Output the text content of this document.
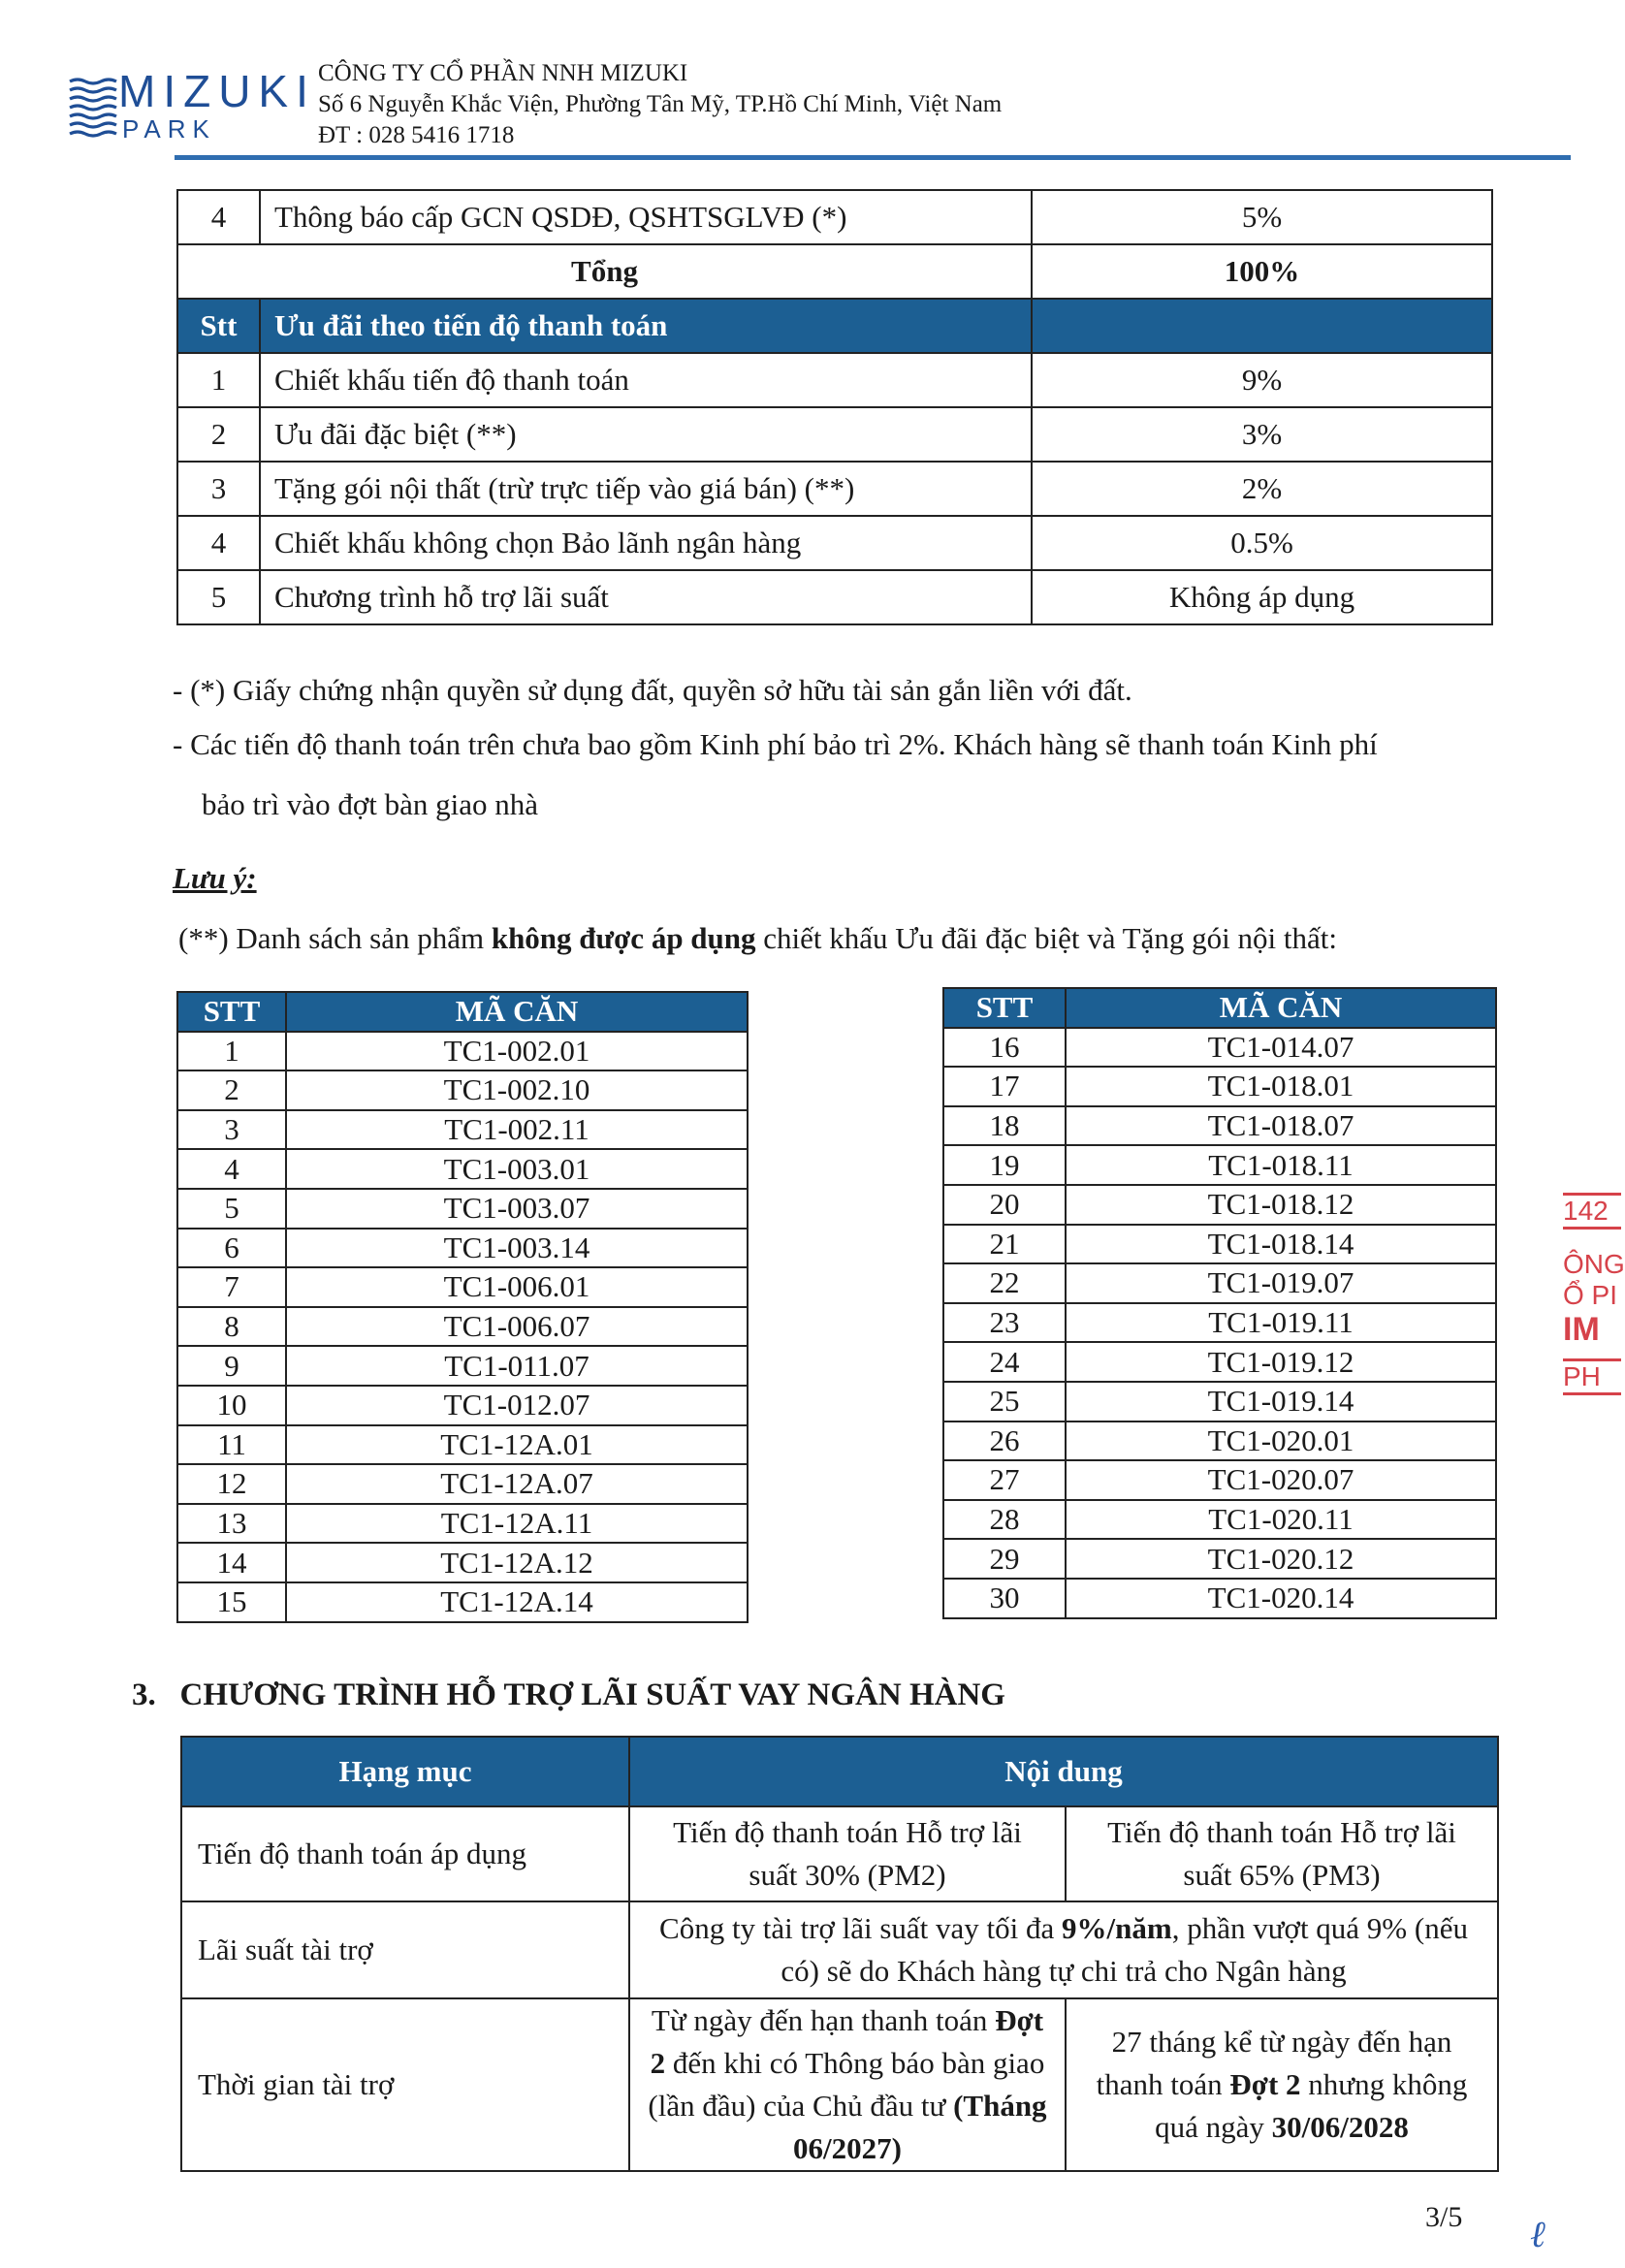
MIZUKI
PARK
CÔNG TY CỔ PHẦN NNH MIZUKI
Số 6 Nguyễn Khắc Viện, Phường Tân Mỹ, TP.Hồ Chí Minh, Việt Nam
ĐT : 028 5416 1718
4	Thông báo cấp GCN QSDĐ, QSHTSGLVĐ (*)	5%
Tổng		100%
Stt	Ưu đãi theo tiến độ thanh toán	
1	Chiết khấu tiến độ thanh toán	9%
2	Ưu đãi đặc biệt (**)	3%
3	Tặng gói nội thất (trừ trực tiếp vào giá bán) (**)	2%
4	Chiết khấu không chọn Bảo lãnh ngân hàng	0.5%
5	Chương trình hỗ trợ lãi suất	Không áp dụng
- (*) Giấy chứng nhận quyền sử dụng đất, quyền sở hữu tài sản gắn liền với đất.
- Các tiến độ thanh toán trên chưa bao gồm Kinh phí bảo trì 2%. Khách hàng sẽ thanh toán Kinh phí
bảo trì vào đợt bàn giao nhà
Lưu ý:
(**) Danh sách sản phẩm không được áp dụng chiết khấu Ưu đãi đặc biệt và Tặng gói nội thất:
STT	MÃ CĂN
1	TC1-002.01
2	TC1-002.10
3	TC1-002.11
4	TC1-003.01
5	TC1-003.07
6	TC1-003.14
7	TC1-006.01
8	TC1-006.07
9	TC1-011.07
10	TC1-012.07
11	TC1-12A.01
12	TC1-12A.07
13	TC1-12A.11
14	TC1-12A.12
15	TC1-12A.14
STT	MÃ CĂN
16	TC1-014.07
17	TC1-018.01
18	TC1-018.07
19	TC1-018.11
20	TC1-018.12
21	TC1-018.14
22	TC1-019.07
23	TC1-019.11
24	TC1-019.12
25	TC1-019.14
26	TC1-020.01
27	TC1-020.07
28	TC1-020.11
29	TC1-020.12
30	TC1-020.14
3. CHƯƠNG TRÌNH HỖ TRỢ LÃI SUẤT VAY NGÂN HÀNG
Hạng mục	Nội dung	
Tiến độ thanh toán áp dụng	Tiến độ thanh toán Hỗ trợ lãi suất 30% (PM2)	Tiến độ thanh toán Hỗ trợ lãi suất 65% (PM3)
Lãi suất tài trợ	Công ty tài trợ lãi suất vay tối đa 9%/năm, phần vượt quá 9% (nếu có) sẽ do Khách hàng tự chi trả cho Ngân hàng	
Thời gian tài trợ	Từ ngày đến hạn thanh toán Đợt 2 đến khi có Thông báo bàn giao (lần đầu) của Chủ đầu tư (Tháng 06/2027)	27 tháng kể từ ngày đến hạn thanh toán Đợt 2 nhưng không quá ngày 30/06/2028
3/5 ℓ
142
ÔNG
Ổ PI
IM
PH
